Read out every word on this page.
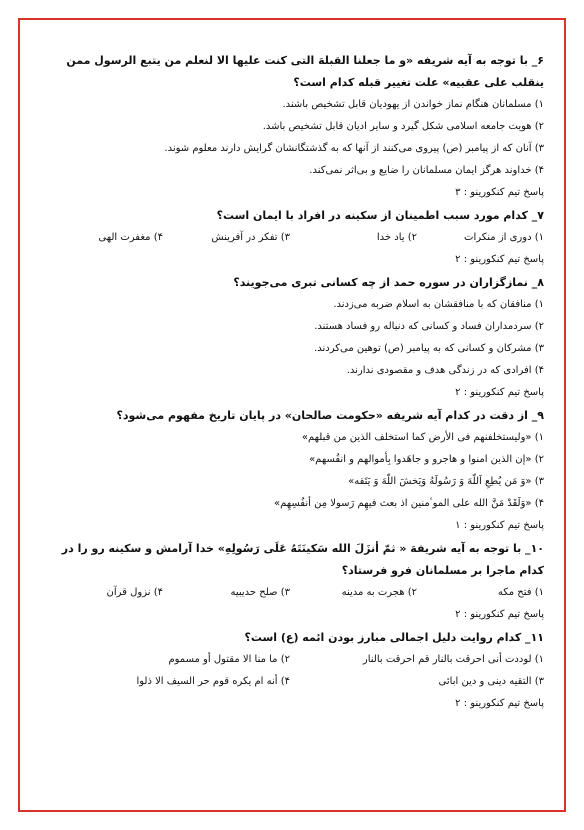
۶_ با توجه به آیه شریفه «و ما جعلنا القبلهَ التی کنت علیها الا لنعلم من یتبع الرسول ممن ینقلب علی عقبیه» علت تغییر قبله کدام است؟

۱) مسلمانان هنگام نماز خواندن از یهودیان قابل تشخیص باشند.

۲) هویت جامعه اسلامی شکل گیرد و سایر ادیان قابل تشخیص باشد.

۳) آنان که از پیامبر (ص) پیروی می‌کنند از آنها که به گذشتگانشان گرایش دارند معلوم شوند.

۴) خداوند هرگز ایمان مسلمانان را ضایع و بی‌اثر نمی‌کند.

پاسخ تیم کنکورینو : ۳

۷_ کدام مورد سبب اطمینان از سکینه در افراد با ایمان است؟

۱) دوری از منکرات
۲) یاد خدا
۳) تفکر در آفرینش
۴) مغفرت الهی

پاسخ تیم کنکورینو : ۲

۸_ نمازگزاران در سوره حمد از چه کسانی تبری می‌جویند؟

۱) منافقان که با منافقشان به اسلام ضربه می‌زدند.

۲) سردمداران فساد و کسانی که دنباله رو فساد هستند.

۳) مشرکان و کسانی که به پیامبر (ص) توهین می‌کردند.

۴) افرادی که در زندگی هدف و مقصودی ندارند.

پاسخ تیم کنکورینو : ۲

۹_ از دقت در کدام آیه شریفه «حکومت صالحان» در پایان تاریخ مفهوم می‌شود؟

۱) «ولیستخلفنهم فی الأرض کما استخلف الذین من قبلهم»

۲) «إن الذین امنوا و هاجرو و جاهَدوا بِأموالهم و انفُسهم»

۳) «وَ مَن یُطِعِ اَللّهَ وَ رَسُولَهُ وَیَخشَ اللّهَ وَ یَتَقه»

۴) «وَلَقَدْ مَنَّ الله علی الموٴمنین اذ بعث فیهِم رَسولا مِن أنفُسِهِم»

پاسخ تیم کنکورینو : ۱

۱۰_ با توجه به آیه شریفهَ « ثمّ أنزَلَ الله سَکینَتَهُ عَلَی رَسُولِهِ» خدا آرامش و سکینه رو را در کدام ماجرا بر مسلمانان فرو فرستاد؟

۱) فتح مکه
۲) هجرت به مدینه
۳) صلح حدیبیه
۴) نزول قرآن

پاسخ تیم کنکورینو : ۲

۱۱_ کدام روایت دلیل اجمالی مبارز بودن ائمه (ع) است؟

۱) لوددت أنی احرقت بالنار قم احرقت بالنار
۲) ما منا الا مقتول أو مسموم
۳) التقیه دینی و دین ابائی
۴) أنه ام یکره قوم حر السیف الا ذلوا

پاسخ تیم کنکورینو : ۲
